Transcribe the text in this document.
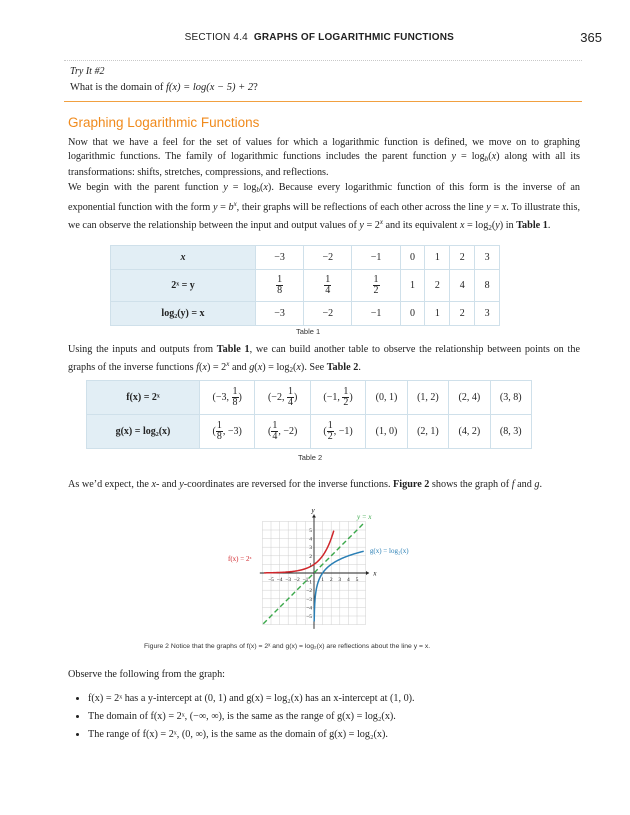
SECTION 4.4 GRAPHS OF LOGARITHMIC FUNCTIONS	365
Try It #2
What is the domain of f(x) = log(x − 5) + 2?
Graphing Logarithmic Functions
Now that we have a feel for the set of values for which a logarithmic function is defined, we move on to graphing logarithmic functions. The family of logarithmic functions includes the parent function $y = \log_b(x)$ along with all its transformations: shifts, stretches, compressions, and reflections.
We begin with the parent function $y = \log_b(x)$. Because every logarithmic function of this form is the inverse of an exponential function with the form $y = b^x$, their graphs will be reflections of each other across the line y = x. To illustrate this, we can observe the relationship between the input and output values of $y = 2^x$ and its equivalent $x = \log_2(y)$ in Table 1.
x	−3	−2	−1	0	1	2	3
2ˣ = y	$\frac{1}{8}$	$\frac{1}{4}$	$\frac{1}{2}$	1	2	4	8
log₂(y) = x	−3	−2	−1	0	1	2	3
Table 1
Using the inputs and outputs from Table 1, we can build another table to observe the relationship between points on the graphs of the inverse functions $f(x) = 2^x$ and $g(x) = \log_2(x)$. See Table 2.
f(x) = 2ˣ	(−3, $\frac{1}{8}$ )	(−2, $\frac{1}{4}$ )	(−1, $\frac{1}{2}$ )	(0, 1)	(1, 2)	(2, 4)	(3, 8)
g(x) = log₂(x)	( $\frac{1}{8}$ , −3)	( $\frac{1}{4}$ , −2)	( $\frac{1}{2}$ , −1)	(1, 0)	(2, 1)	(4, 2)	(8, 3)
Table 2
As we’d expect, the x- and y-coordinates are reversed for the inverse functions. Figure 2 shows the graph of f and g.
−5 −4 −3 −2 −1 1 2 3 4 5
5
4
3
2
1
−1
−2
−3
−4
−5
y
x
y = x
g(x) = log₂(x)
f(x) = 2ˣ
Figure 2 Notice that the graphs of f(x) = 2ˣ and g(x) = log₂(x) are reflections about the line y = x.
Observe the following from the graph:
• f(x) = 2ˣ has a y-intercept at (0, 1) and g(x) = log₂(x) has an x-intercept at (1, 0).
• The domain of f(x) = 2ˣ, (−∞, ∞), is the same as the range of g(x) = log₂(x).
• The range of f(x) = 2ˣ, (0, ∞), is the same as the domain of g(x) = log₂(x).
